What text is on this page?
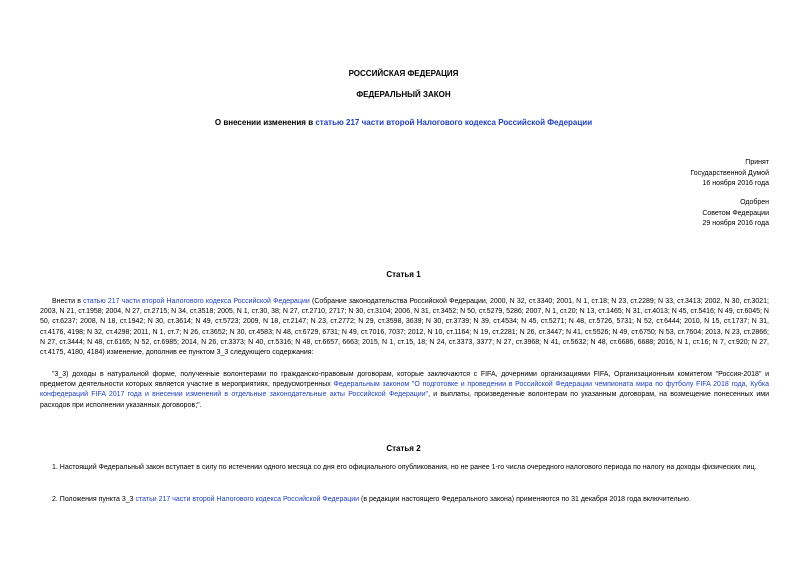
РОССИЙСКАЯ ФЕДЕРАЦИЯ
ФЕДЕРАЛЬНЫЙ ЗАКОН
О внесении изменения в статью 217 части второй Налогового кодекса Российской Федерации
Принят
Государственной Думой
16 ноября 2016 года
Одобрен
Советом Федерации
29 ноября 2016 года
Статья 1
Внести в статью 217 части второй Налогового кодекса Российской Федерации (Собрание законодательства Российской Федерации, 2000, N 32, ст.3340; 2001, N 1, ст.18; N 23, ст.2289; N 33, ст.3413; 2002, N 30, ст.3021; 2003, N 21, ст.1958; 2004, N 27, ст.2715; N 34, ст.3518; 2005, N 1, ст.30, 38; N 27, ст.2710, 2717; N 30, ст.3104; 2006, N 31, ст.3452; N 50, ст.5279, 5286; 2007, N 1, ст.20; N 13, ст.1465; N 31, ст.4013; N 45, ст.5416; N 49, ст.6045; N 50, ст.6237; 2008, N 18, ст.1942; N 30, ст.3614; N 49, ст.5723; 2009, N 18, ст.2147; N 23, ст.2772; N 29, ст.3598, 3639; N 30, ст.3739; N 39, ст.4534; N 45, ст.5271; N 48, ст.5726, 5731; N 52, ст.6444; 2010, N 15, ст.1737; N 31, ст.4176, 4198; N 32, ст.4298; 2011, N 1, ст.7; N 26, ст.3652; N 30, ст.4583; N 48, ст.6729, 6731; N 49, ст.7016, 7037; 2012, N 10, ст.1164; N 19, ст.2281; N 26, ст.3447; N 41, ст.5526; N 49, ст.6750; N 53, ст.7604; 2013, N 23, ст.2866; N 27, ст.3444; N 48, ст.6165; N 52, ст.6985; 2014, N 26, ст.3373; N 40, ст.5316; N 48, ст.6657, 6663; 2015, N 1, ст.15, 18; N 24, ст.3373, 3377; N 27, ст.3968; N 41, ст.5632; N 48, ст.6686, 6688; 2016, N 1, ст.16; N 7, ст.920; N 27, ст.4175, 4180, 4184) изменение, дополнив ее пунктом 3_3 следующего содержания:
"3_3) доходы в натуральной форме, полученные волонтерами по гражданско-правовым договорам, которые заключаются с FIFA, дочерними организациями FIFA, Организационным комитетом "Россия-2018" и предметом деятельности которых является участие в мероприятиях, предусмотренных Федеральным законом "О подготовке и проведении в Российской Федерации чемпионата мира по футболу FIFA 2018 года, Кубка конфедераций FIFA 2017 года и внесении изменений в отдельные законодательные акты Российской Федерации", и выплаты, произведенные волонтерам по указанным договорам, на возмещение понесенных ими расходов при исполнении указанных договоров;".
Статья 2
1. Настоящий Федеральный закон вступает в силу по истечении одного месяца со дня его официального опубликования, но не ранее 1-го числа очередного налогового периода по налогу на доходы физических лиц.
2. Положения пункта 3_3 статьи 217 части второй Налогового кодекса Российской Федерации (в редакции настоящего Федерального закона) применяются по 31 декабря 2018 года включительно.
